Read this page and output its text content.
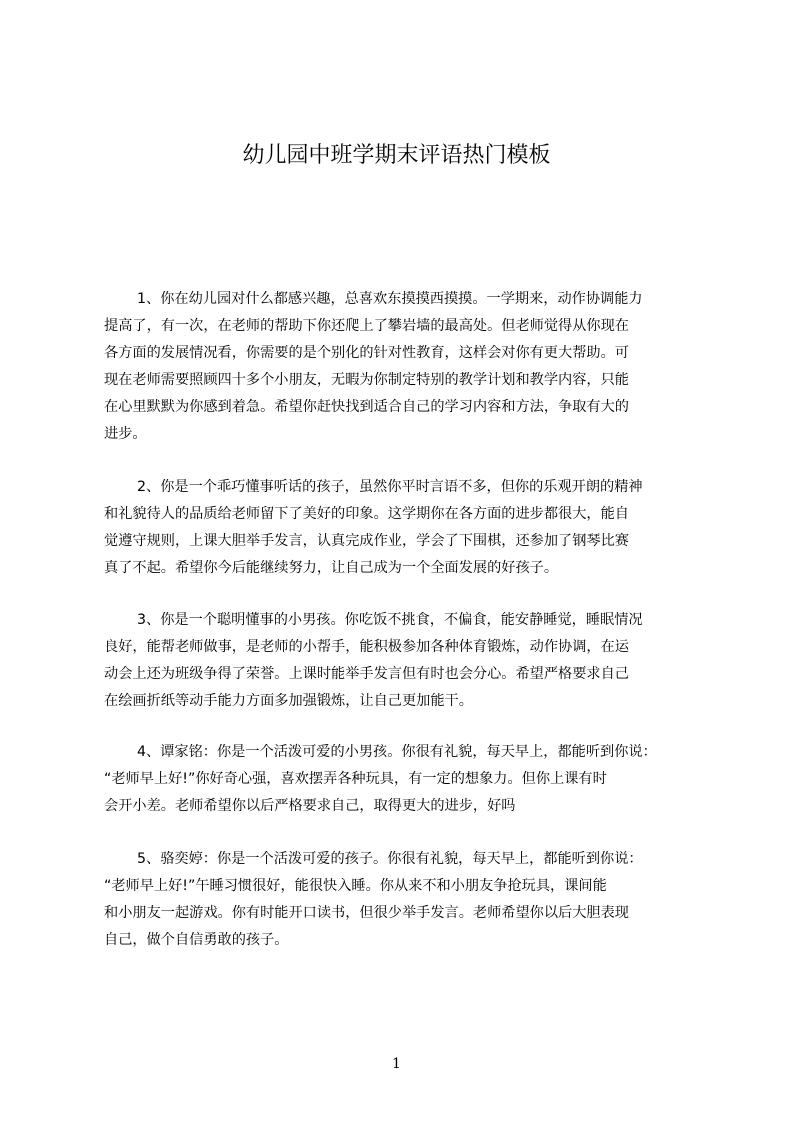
幼儿园中班学期末评语热门模板
1、你在幼儿园对什么都感兴趣，总喜欢东摸摸西摸摸。一学期来，动作协调能力
提高了，有一次，在老师的帮助下你还爬上了攀岩墙的最高处。但老师觉得从你现在
各方面的发展情况看，你需要的是个别化的针对性教育，这样会对你有更大帮助。可
现在老师需要照顾四十多个小朋友，无暇为你制定特别的教学计划和教学内容，只能
在心里默默为你感到着急。希望你赶快找到适合自己的学习内容和方法，争取有大的
进步。
2、你是一个乖巧懂事听话的孩子，虽然你平时言语不多，但你的乐观开朗的精神
和礼貌待人的品质给老师留下了美好的印象。这学期你在各方面的进步都很大，能自
觉遵守规则，上课大胆举手发言，认真完成作业，学会了下围棋，还参加了钢琴比赛
真了不起。希望你今后能继续努力，让自己成为一个全面发展的好孩子。
3、你是一个聪明懂事的小男孩。你吃饭不挑食，不偏食，能安静睡觉，睡眠情况
良好，能帮老师做事，是老师的小帮手，能积极参加各种体育锻炼，动作协调，在运
动会上还为班级争得了荣誉。上课时能举手发言但有时也会分心。希望严格要求自己
在绘画折纸等动手能力方面多加强锻炼，让自己更加能干。
4、谭家铭：你是一个活泼可爱的小男孩。你很有礼貌，每天早上，都能听到你说：
“老师早上好!”你好奇心强，喜欢摆弄各种玩具，有一定的想象力。但你上课有时
会开小差。老师希望你以后严格要求自己，取得更大的进步，好吗
5、骆奕婷：你是一个活泼可爱的孩子。你很有礼貌，每天早上，都能听到你说：
“老师早上好!”午睡习惯很好，能很快入睡。你从来不和小朋友争抢玩具，课间能
和小朋友一起游戏。你有时能开口读书，但很少举手发言。老师希望你以后大胆表现
自己，做个自信勇敢的孩子。
1
